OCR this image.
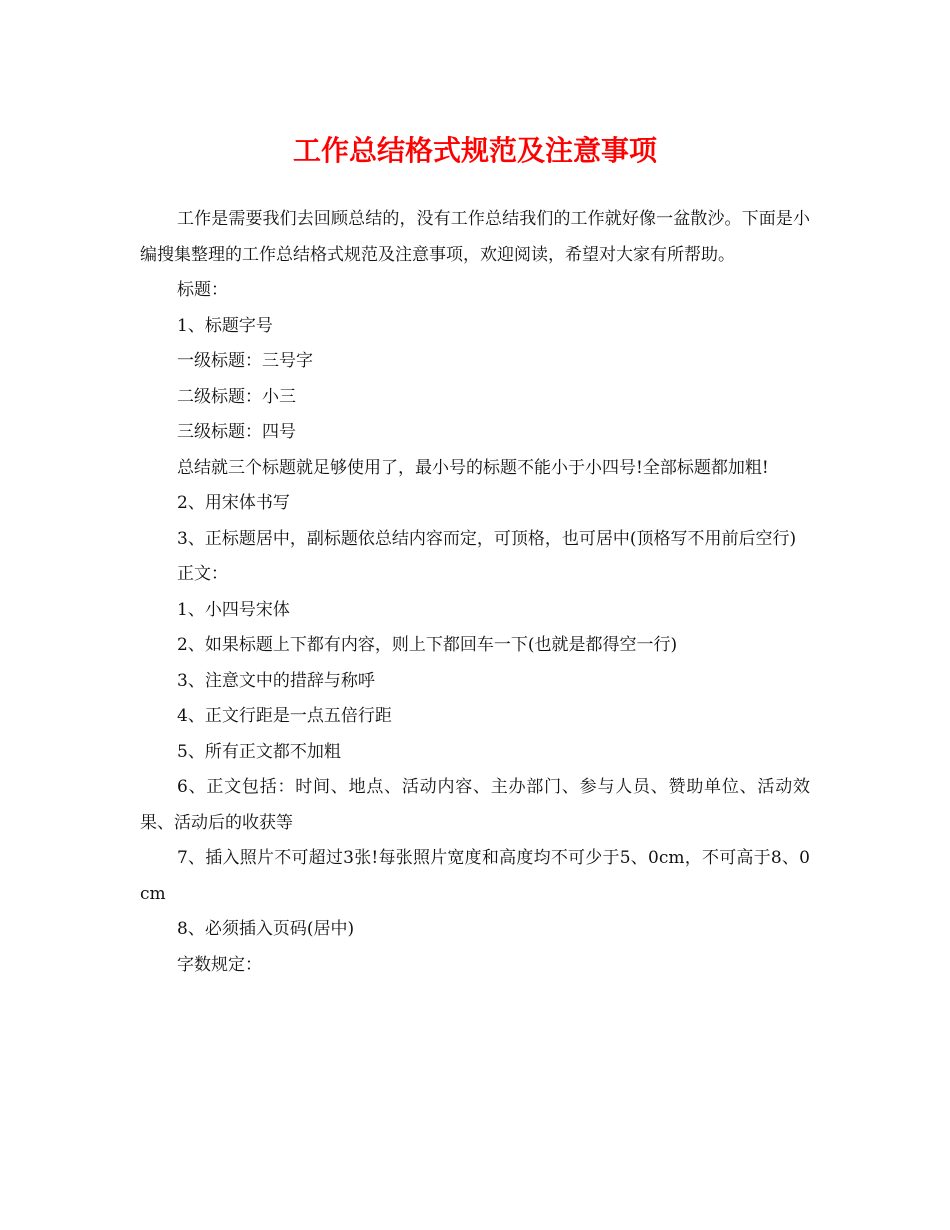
工作总结格式规范及注意事项

工作是需要我们去回顾总结的，没有工作总结我们的工作就好像一盆散沙。下面是小编搜集整理的工作总结格式规范及注意事项，欢迎阅读，希望对大家有所帮助。

标题：

1、标题字号

一级标题：三号字

二级标题：小三

三级标题：四号

总结就三个标题就足够使用了，最小号的标题不能小于小四号!全部标题都加粗!

2、用宋体书写

3、正标题居中，副标题依总结内容而定，可顶格，也可居中(顶格写不用前后空行)

正文：

1、小四号宋体

2、如果标题上下都有内容，则上下都回车一下(也就是都得空一行)

3、注意文中的措辞与称呼

4、正文行距是一点五倍行距

5、所有正文都不加粗

6、正文包括：时间、地点、活动内容、主办部门、参与人员、赞助单位、活动效果、活动后的收获等

7、插入照片不可超过3张!每张照片宽度和高度均不可少于5、0cm，不可高于8、0cm

8、必须插入页码(居中)

字数规定：
